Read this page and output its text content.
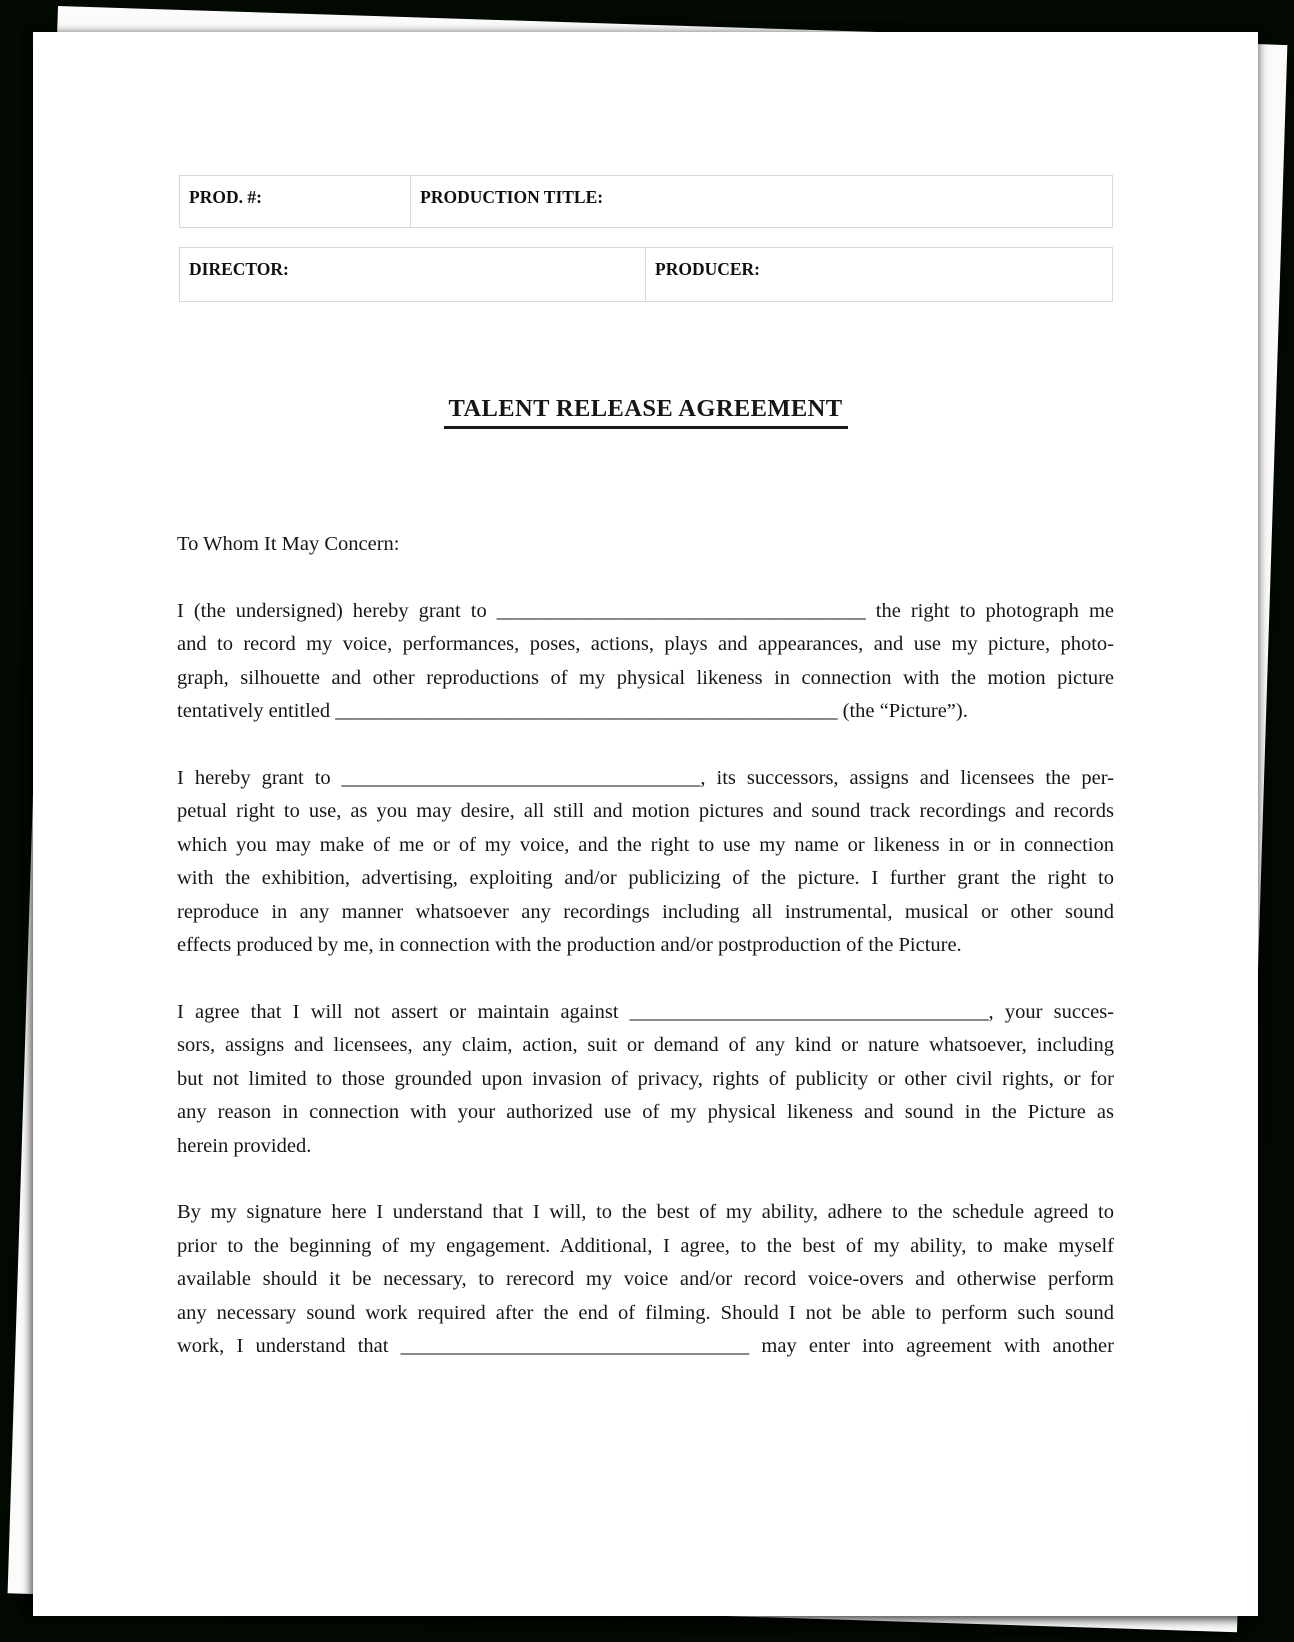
PROD. #:	PRODUCTION TITLE:
DIRECTOR:	PRODUCER:
TALENT RELEASE AGREEMENT
To Whom It May Concern:
I (the undersigned) hereby grant to ____________________________________ the right to photograph me
and to record my voice, performances, poses, actions, plays and appearances, and use my picture, photo-
graph, silhouette and other reproductions of my physical likeness in connection with the motion picture
tentatively entitled _________________________________________________ (the “Picture”).
I hereby grant to ___________________________________, its successors, assigns and licensees the per-
petual right to use, as you may desire, all still and motion pictures and sound track recordings and records
which you may make of me or of my voice, and the right to use my name or likeness in or in connection
with the exhibition, advertising, exploiting and/or publicizing of the picture. I further grant the right to
reproduce in any manner whatsoever any recordings including all instrumental, musical or other sound
effects produced by me, in connection with the production and/or postproduction of the Picture.
I agree that I will not assert or maintain against ___________________________________, your succes-
sors, assigns and licensees, any claim, action, suit or demand of any kind or nature whatsoever, including
but not limited to those grounded upon invasion of privacy, rights of publicity or other civil rights, or for
any reason in connection with your authorized use of my physical likeness and sound in the Picture as
herein provided.
By my signature here I understand that I will, to the best of my ability, adhere to the schedule agreed to
prior to the beginning of my engagement. Additional, I agree, to the best of my ability, to make myself
available should it be necessary, to rerecord my voice and/or record voice-overs and otherwise perform
any necessary sound work required after the end of filming. Should I not be able to perform such sound
work, I understand that __________________________________ may enter into agreement with another
